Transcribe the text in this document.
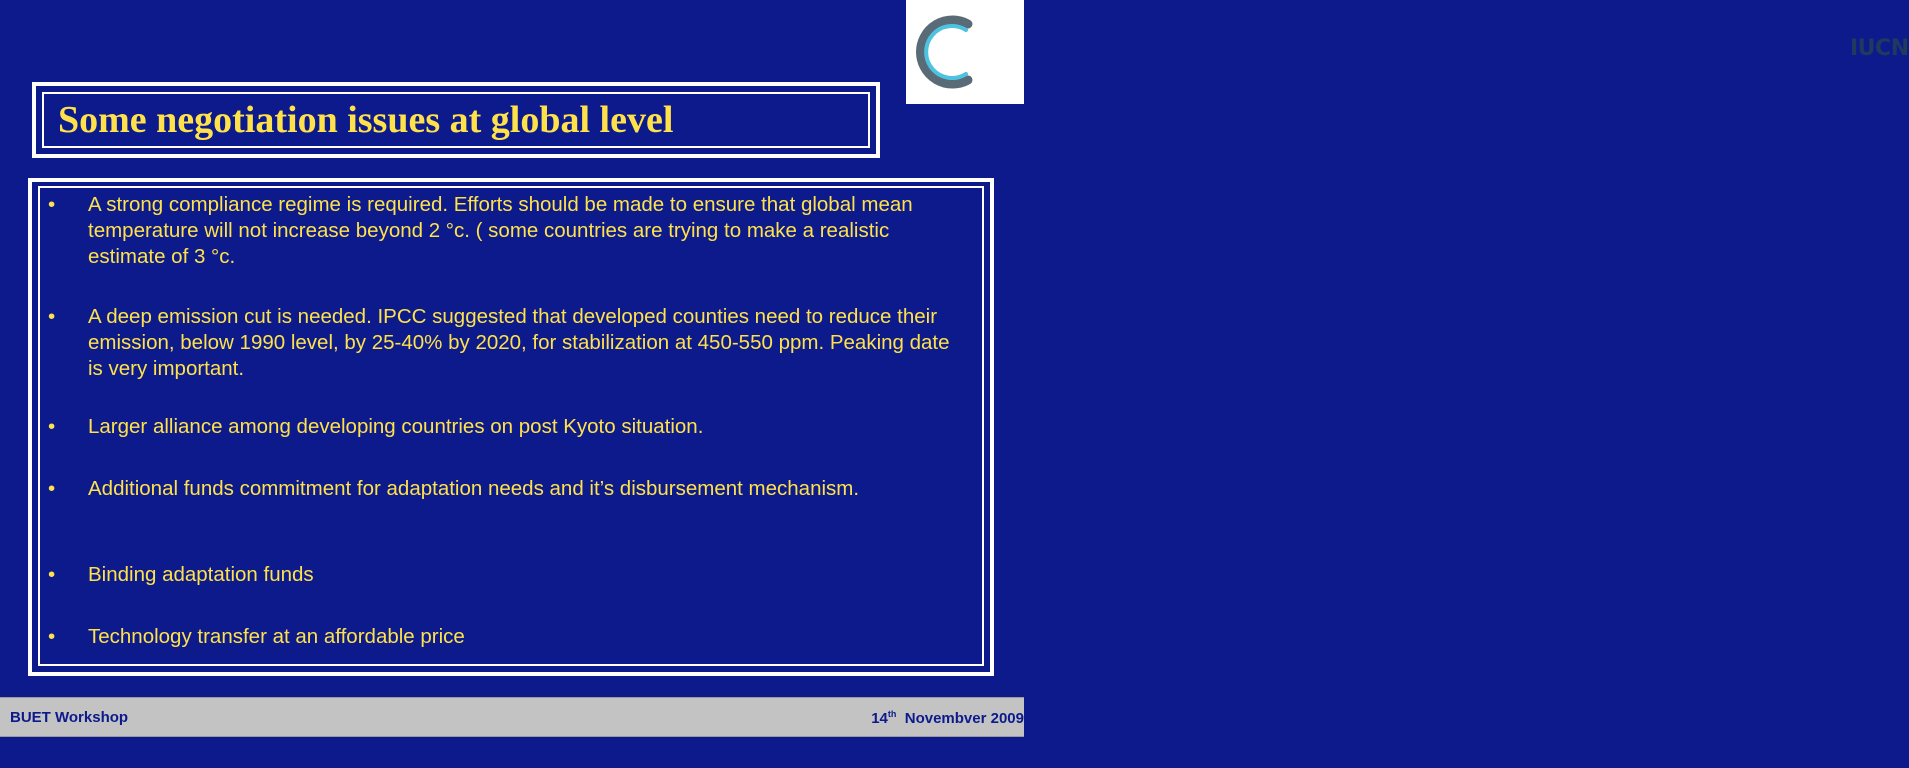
IUCN
Some negotiation issues at global level
•	A strong compliance regime is required. Efforts should be made to ensure that global mean temperature will not increase beyond 2 °c. ( some countries are trying to make a realistic estimate of 3 °c.
•	A deep emission cut is needed. IPCC suggested that developed counties need to reduce their emission, below 1990 level, by 25-40% by 2020, for stabilization at 450-550 ppm. Peaking date is very important.
•	Larger alliance among developing countries on post Kyoto situation.
•	Additional funds commitment for adaptation needs and it’s disbursement mechanism.
•	Binding adaptation funds
•	Technology transfer at an affordable price
BUET Workshop	14th Novembver 2009
